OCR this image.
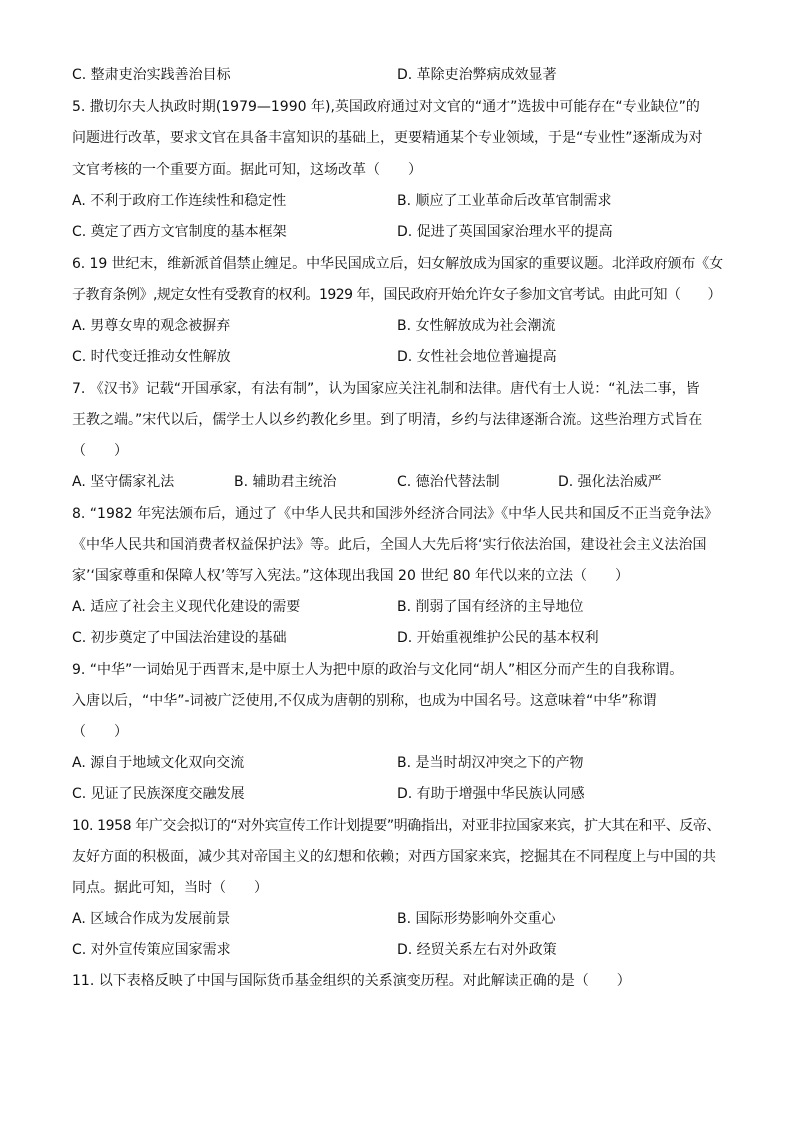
C. 整肃吏治实践善治目标	D. 革除吏治弊病成效显著
5. 撒切尔夫人执政时期(1979—1990 年),英国政府通过对文官的“通才”选拔中可能存在“专业缺位”的
问题进行改革，要求文官在具备丰富知识的基础上，更要精通某个专业领域，于是“专业性”逐渐成为对
文官考核的一个重要方面。据此可知，这场改革（　　）
A. 不利于政府工作连续性和稳定性	B. 顺应了工业革命后改革官制需求
C. 奠定了西方文官制度的基本框架	D. 促进了英国国家治理水平的提高
6. 19 世纪末，维新派首倡禁止缠足。中华民国成立后，妇女解放成为国家的重要议题。北洋政府颁布《女
子教育条例》,规定女性有受教育的权利。1929 年，国民政府开始允许女子参加文官考试。由此可知（　　）
A. 男尊女卑的观念被摒弃	B. 女性解放成为社会潮流
C. 时代变迁推动女性解放	D. 女性社会地位普遍提高
7. 《汉书》记载“开国承家，有法有制”，认为国家应关注礼制和法律。唐代有士人说：“礼法二事，皆
王教之端。”宋代以后，儒学士人以乡约教化乡里。到了明清，乡约与法律逐渐合流。这些治理方式旨在
（　　）
A. 坚守儒家礼法	B. 辅助君主统治	C. 德治代替法制	D. 强化法治威严
8. “1982 年宪法颁布后，通过了《中华人民共和国涉外经济合同法》《中华人民共和国反不正当竞争法》
《中华人民共和国消费者权益保护法》等。此后，全国人大先后将‘实行依法治国，建设社会主义法治国
家’‘国家尊重和保障人权’等写入宪法。”这体现出我国 20 世纪 80 年代以来的立法（　　）
A. 适应了社会主义现代化建设的需要	B. 削弱了国有经济的主导地位
C. 初步奠定了中国法治建设的基础	D. 开始重视维护公民的基本权利
9. “中华”一词始见于西晋末,是中原士人为把中原的政治与文化同“胡人”相区分而产生的自我称谓。
入唐以后，“中华”-词被广泛使用,不仅成为唐朝的别称，也成为中国名号。这意味着“中华”称谓
（　　）
A. 源自于地域文化双向交流	B. 是当时胡汉冲突之下的产物
C. 见证了民族深度交融发展	D. 有助于增强中华民族认同感
10. 1958 年广交会拟订的“对外宾宣传工作计划提要”明确指出，对亚非拉国家来宾，扩大其在和平、反帝、
友好方面的积极面，减少其对帝国主义的幻想和依赖；对西方国家来宾，挖掘其在不同程度上与中国的共
同点。据此可知，当时（　　）
A. 区域合作成为发展前景	B. 国际形势影响外交重心
C. 对外宣传策应国家需求	D. 经贸关系左右对外政策
11. 以下表格反映了中国与国际货币基金组织的关系演变历程。对此解读正确的是（　　）
